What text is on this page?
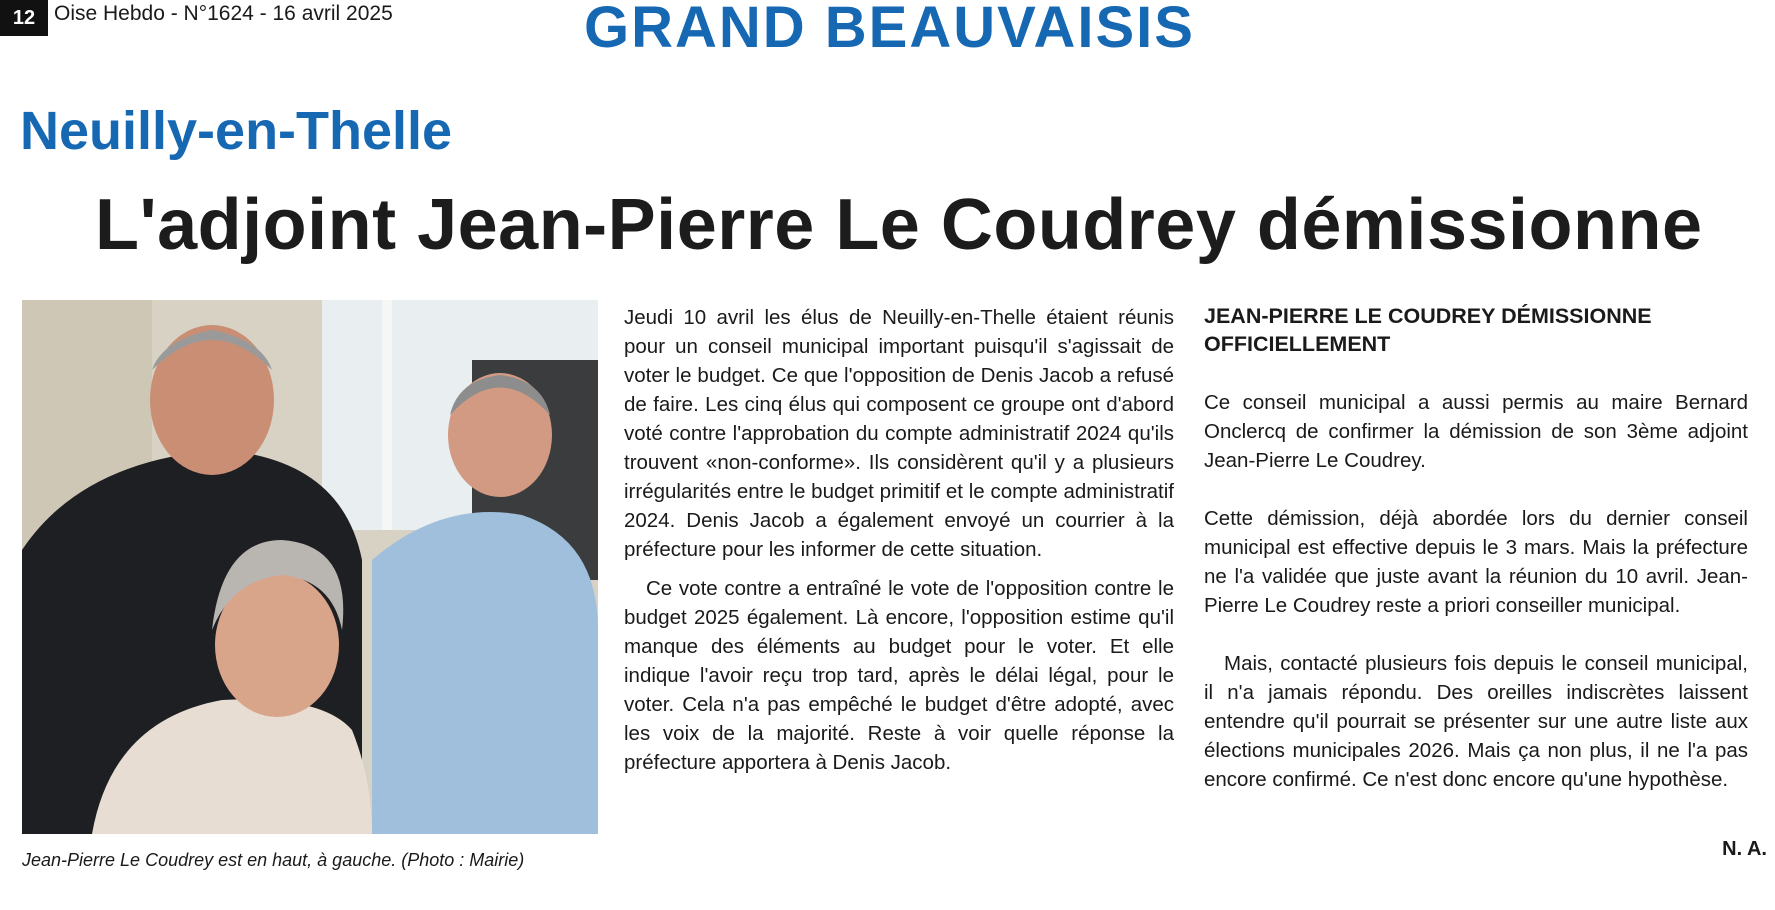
12 Oise Hebdo - N°1624 - 16 avril 2025	GRAND BEAUVAISIS
Neuilly-en-Thelle
L'adjoint Jean-Pierre Le Coudrey démissionne
Jean-Pierre Le Coudrey est en haut, à gauche. (Photo : Mairie)

Jeudi 10 avril les élus de Neuilly-en-Thelle étaient réunis pour un conseil municipal important puisqu'il s'agissait de voter le budget. Ce que l'opposition de Denis Jacob a refusé de faire. Les cinq élus qui composent ce groupe ont d'abord voté contre l'approbation du compte administratif 2024 qu'ils trouvent «non-conforme». Ils considèrent qu'il y a plusieurs irrégularités entre le budget primitif et le compte administratif 2024. Denis Jacob a également envoyé un courrier à la préfecture pour les informer de cette situation.

Ce vote contre a entraîné le vote de l'opposition contre le budget 2025 également. Là encore, l'opposition estime qu'il manque des éléments au budget pour le voter. Et elle indique l'avoir reçu trop tard, après le délai légal, pour le voter. Cela n'a pas empêché le budget d'être adopté, avec les voix de la majorité. Reste à voir quelle réponse la préfecture apportera à Denis Jacob.

JEAN-PIERRE LE COUDREY DÉMISSIONNE OFFICIELLEMENT

Ce conseil municipal a aussi permis au maire Bernard Onclercq de confirmer la démission de son 3ème adjoint Jean-Pierre Le Coudrey.

Cette démission, déjà abordée lors du dernier conseil municipal est effective depuis le 3 mars. Mais la préfecture ne l'a validée que juste avant la réunion du 10 avril. Jean-Pierre Le Coudrey reste a priori conseiller municipal.

Mais, contacté plusieurs fois depuis le conseil municipal, il n'a jamais répondu. Des oreilles indiscrètes laissent entendre qu'il pourrait se présenter sur une autre liste aux élections municipales 2026. Mais ça non plus, il ne l'a pas encore confirmé. Ce n'est donc encore qu'une hypothèse.

N. A.
